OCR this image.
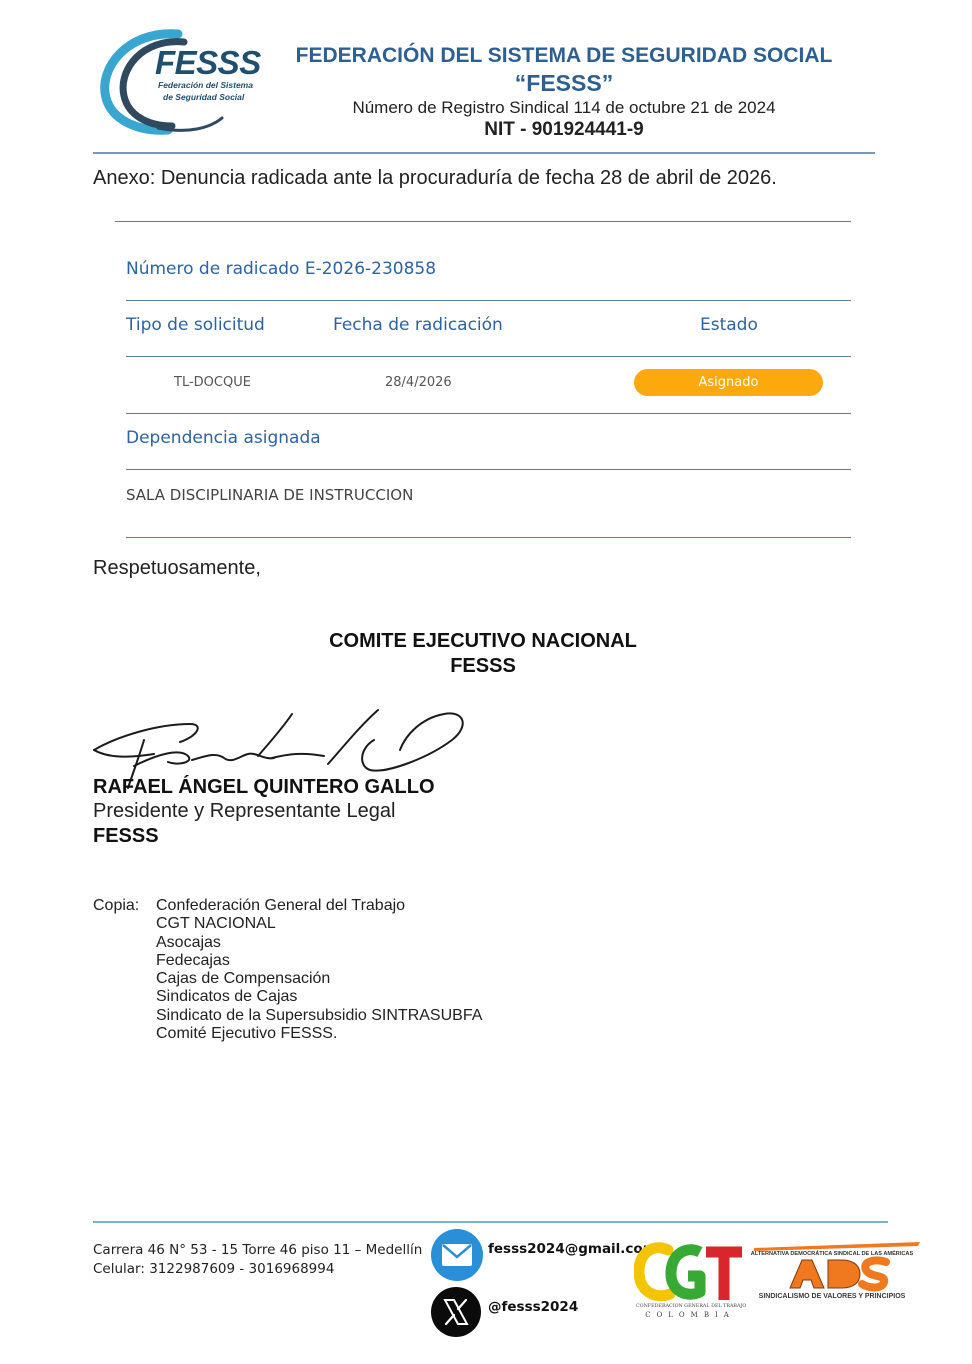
FESSS
Federación del Sistema
de Seguridad Social
FEDERACIÓN DEL SISTEMA DE SEGURIDAD SOCIAL
“FESSS”
Número de Registro Sindical 114 de octubre 21 de 2024
NIT - 901924441-9
Anexo: Denuncia radicada ante la procuraduría de fecha 28 de abril de 2026.
Número de radicado E-2026-230858
Tipo de solicitud	Fecha de radicación	Estado
TL-DOCQUE	28/4/2026	Asignado
Dependencia asignada
SALA DISCIPLINARIA DE INSTRUCCION
Respetuosamente,
COMITE EJECUTIVO NACIONAL
FESSS
RAFAEL ÁNGEL QUINTERO GALLO
Presidente y Representante Legal
FESSS
Copia: Confederación General del Trabajo
CGT NACIONAL
Asocajas
Fedecajas
Cajas de Compensación
Sindicatos de Cajas
Sindicato de la Supersubsidio SINTRASUBFA
Comité Ejecutivo FESSS.
Carrera 46 N° 53 - 15 Torre 46 piso 11 – Medellín
Celular: 3122987609 - 3016968994
fesss2024@gmail.com
@fesss2024	CONFEDERACION GENERAL DEL TRABAJO
COLOMBIA
ALTERNATIVA DEMOCRÁTICA SINDICAL DE LAS AMÉRICAS
SINDICALISMO DE VALORES Y PRINCIPIOS
